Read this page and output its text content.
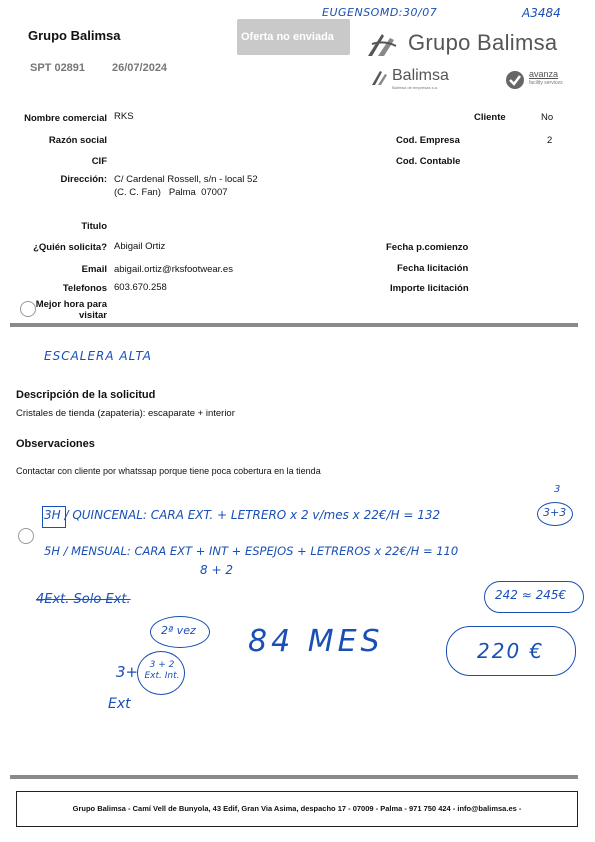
Grupo Balimsa
SPT 02891 26/07/2024
Oferta no enviada
EUGENSOMD:30/07	A3484
Grupo Balimsa
Balimsa
Balimsa de empresas s.a.
avanza
facility services
Nombre comercial RKS
Razón social
CIF
Dirección: C/ Cardenal Rossell, s/n - local 52
(C. C. Fan)   Palma  07007
Titulo
¿Quién solicita? Abigail Ortiz
Email abigail.ortiz@rksfootwear.es
Telefonos 603.670.258
Mejor hora para
visitar
Cliente	No
Cod. Empresa	2
Cod. Contable
Fecha p.comienzo
Fecha licitación
Importe licitación
ESCALERA ALTA
Descripción de la solicitud
Cristales de tienda (zapateria): escaparate + interior
Observaciones
Contactar con cliente por whatssap porque tiene poca cobertura en la tienda
3H / QUINCENAL: CARA EXT. + LETRERO x 2 v/mes x 22€/H = 132	3+3
3
5H / MENSUAL: CARA EXT + INT + ESPEJOS + LETREROS x 22€/H = 110
8 + 2
4Ext. Solo Ext.	242 ≈ 245€
2ª vez
3+	3 + 2 Ext. Int.
84 MES	220 €
Ext
Grupo Balimsa - Camí Vell de Bunyola, 43 Edif, Gran Via Asima, despacho 17 - 07009 - Palma - 971 750 424 - info@balimsa.es -
